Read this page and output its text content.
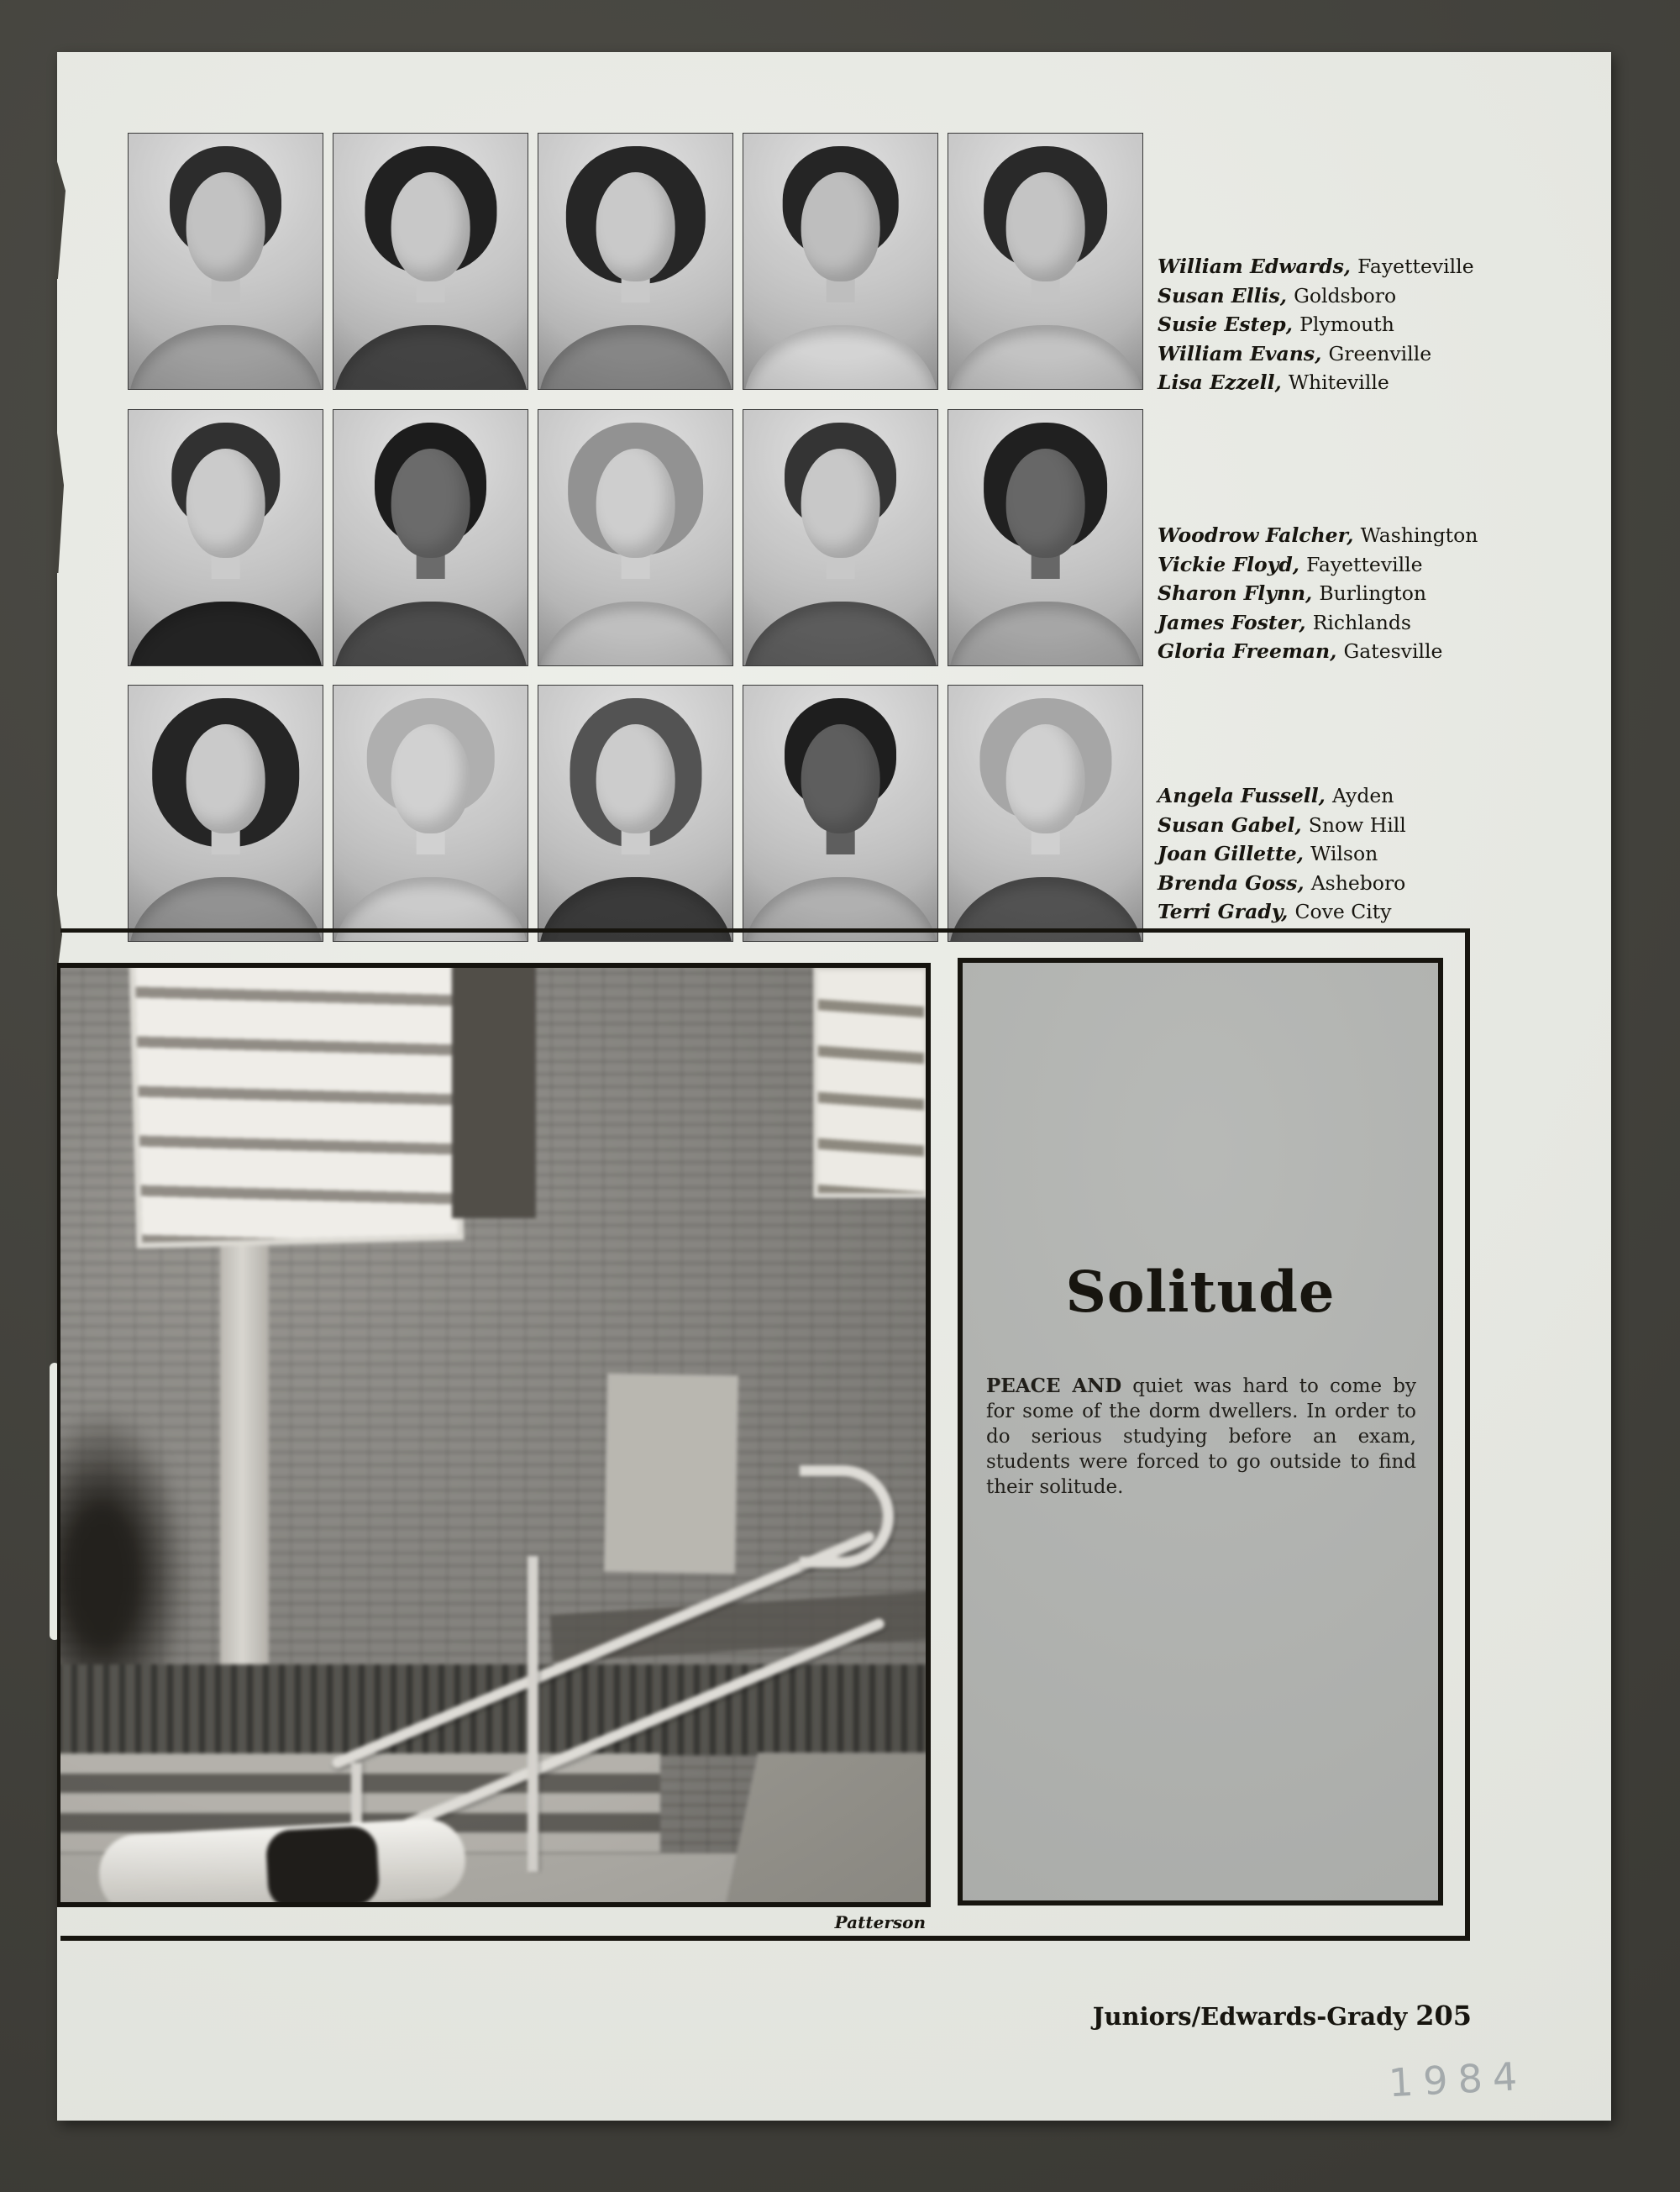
William Edwards, Fayetteville
Susan Ellis, Goldsboro
Susie Estep, Plymouth
William Evans, Greenville
Lisa Ezzell, Whiteville
Woodrow Falcher, Washington
Vickie Floyd, Fayetteville
Sharon Flynn, Burlington
James Foster, Richlands
Gloria Freeman, Gatesville
Angela Fussell, Ayden
Susan Gabel, Snow Hill
Joan Gillette, Wilson
Brenda Goss, Asheboro
Terri Grady, Cove City
Solitude

PEACE AND quiet was hard to come by for some of the dorm dwellers. In order to do serious studying before an exam, students were forced to go outside to find their solitude.

Patterson
Juniors/Edwards-Grady 205
1984
